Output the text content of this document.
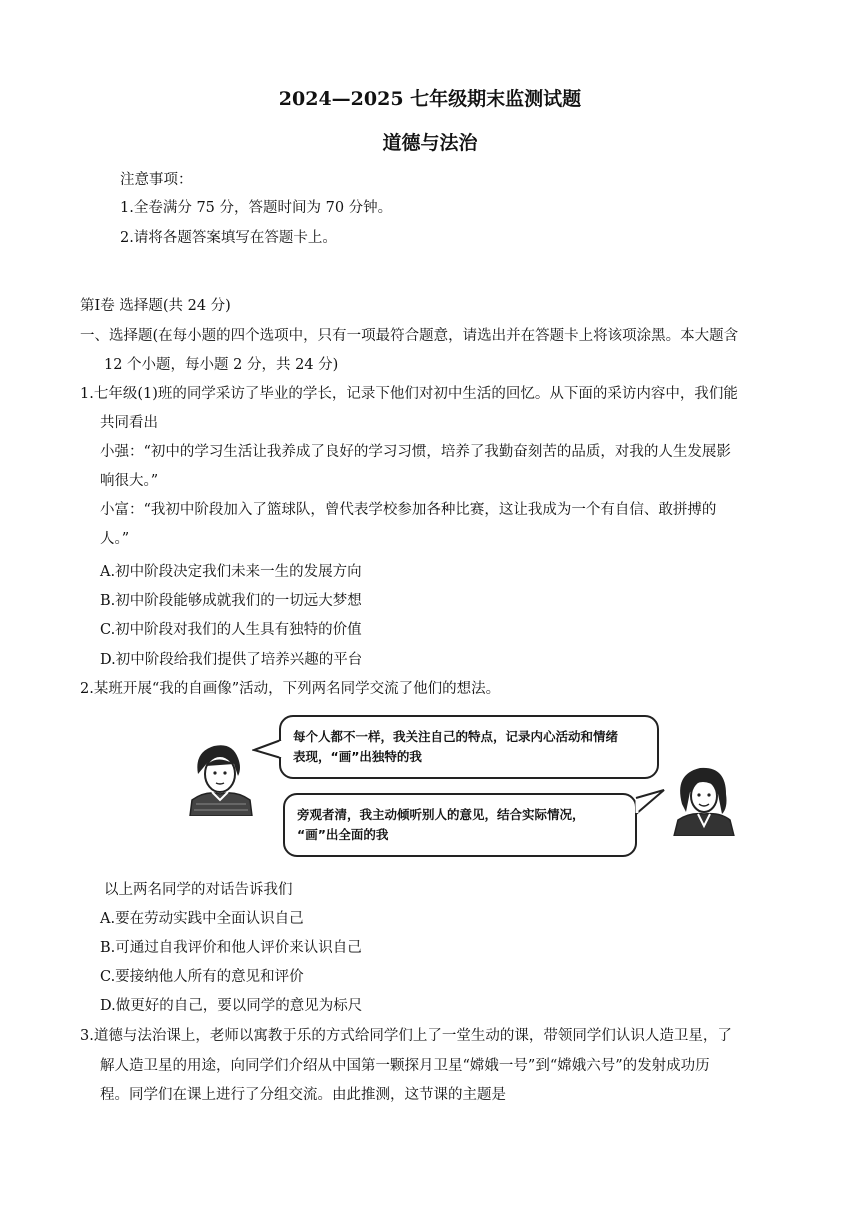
2024—2025 七年级期末监测试题
道德与法治
注意事项：
1.全卷满分 75 分，答题时间为 70 分钟。
2.请将各题答案填写在答题卡上。
第Ⅰ卷 选择题(共 24 分)
一、选择题(在每小题的四个选项中，只有一项最符合题意，请选出并在答题卡上将该项涂黑。本大题含
12 个小题，每小题 2 分，共 24 分)
1.七年级(1)班的同学采访了毕业的学长，记录下他们对初中生活的回忆。从下面的采访内容中，我们能
共同看出
小强：“初中的学习生活让我养成了良好的学习习惯，培养了我勤奋刻苦的品质，对我的人生发展影
响很大。”
小富：“我初中阶段加入了篮球队，曾代表学校参加各种比赛，这让我成为一个有自信、敢拼搏的
人。”
A.初中阶段决定我们未来一生的发展方向
B.初中阶段能够成就我们的一切远大梦想
C.初中阶段对我们的人生具有独特的价值
D.初中阶段给我们提供了培养兴趣的平台
2.某班开展“我的自画像”活动，下列两名同学交流了他们的想法。
每个人都不一样，我关注自己的特点，记录内心活动和情绪
表现，“画”出独特的我
旁观者清，我主动倾听别人的意见，结合实际情况，
“画”出全面的我
以上两名同学的对话告诉我们
A.要在劳动实践中全面认识自己
B.可通过自我评价和他人评价来认识自己
C.要接纳他人所有的意见和评价
D.做更好的自己，要以同学的意见为标尺
3.道德与法治课上，老师以寓教于乐的方式给同学们上了一堂生动的课，带领同学们认识人造卫星，了
解人造卫星的用途，向同学们介绍从中国第一颗探月卫星“嫦娥一号”到“嫦娥六号”的发射成功历
程。同学们在课上进行了分组交流。由此推测，这节课的主题是
